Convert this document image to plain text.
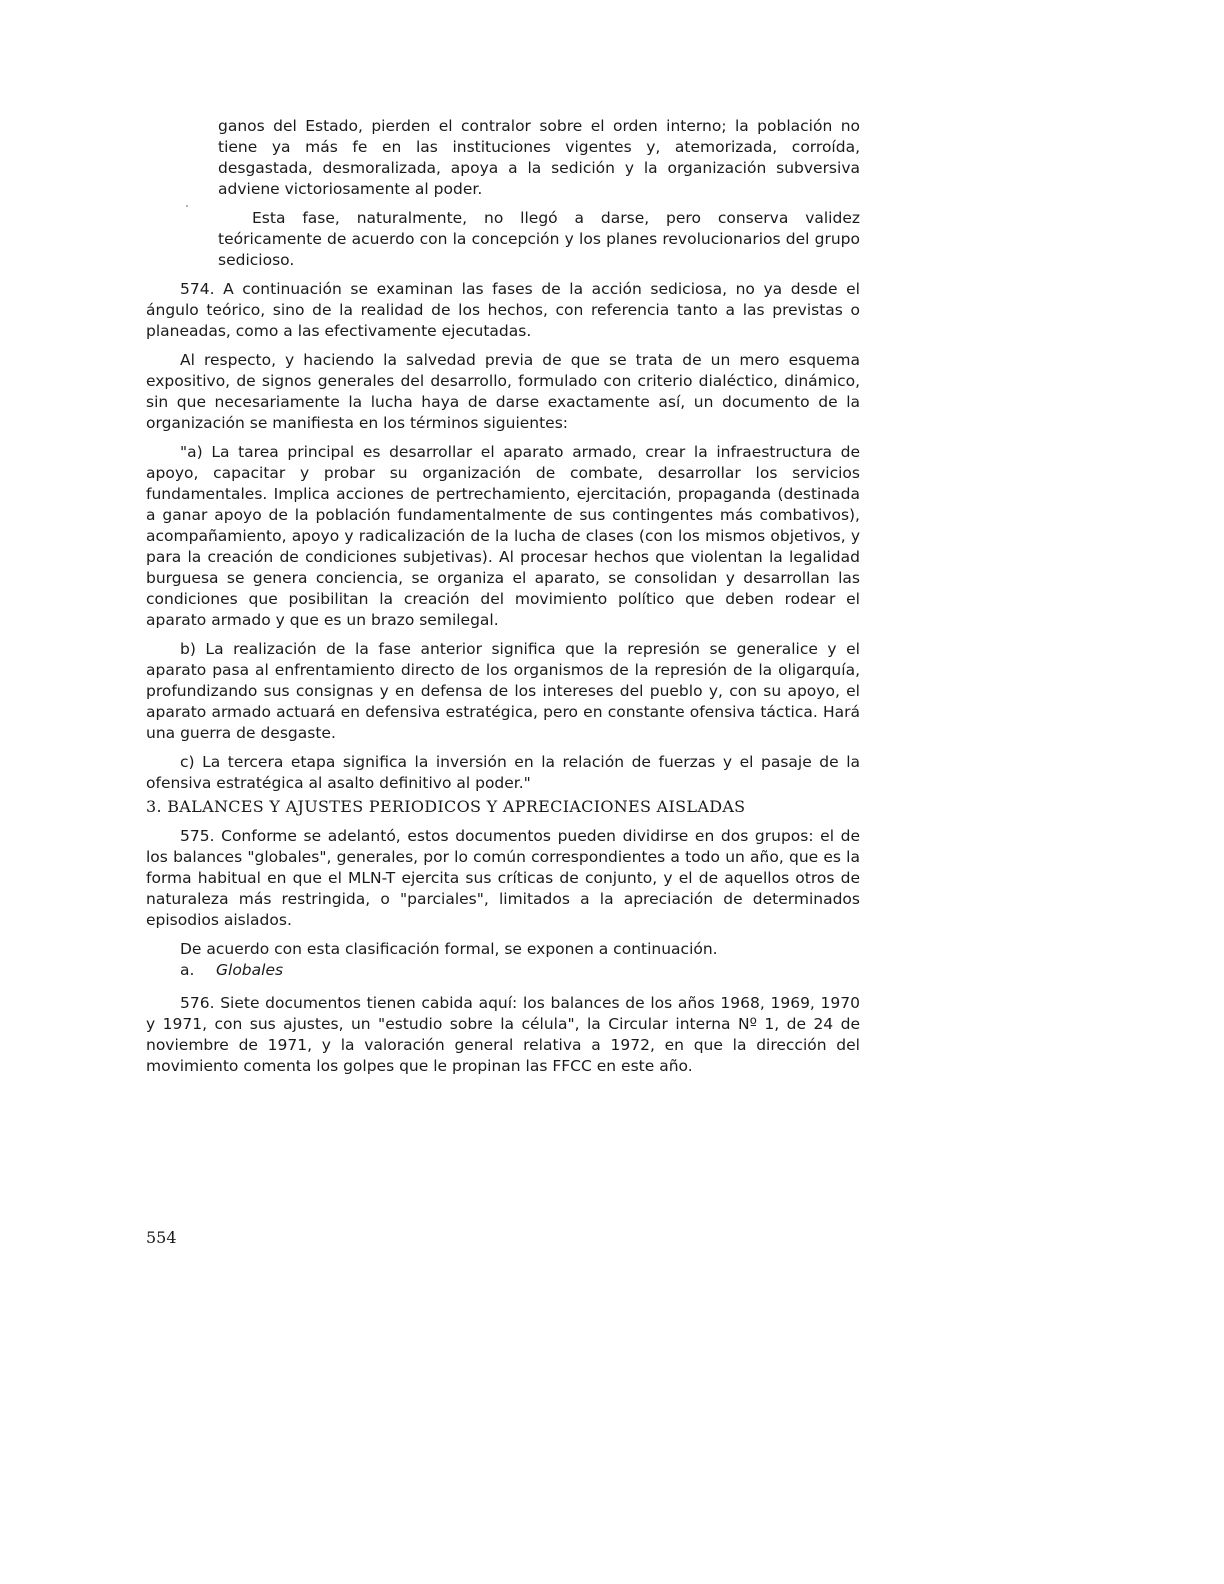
ganos del Estado, pierden el contralor sobre el orden interno; la población no tiene ya más fe en las instituciones vigentes y, atemorizada, corroída, desgastada, desmoralizada, apoya a la sedición y la organización subversiva adviene victoriosamente al poder.

Esta fase, naturalmente, no llegó a darse, pero conserva validez teóricamente de acuerdo con la concepción y los planes revolucionarios del grupo sedicioso.

574. A continuación se examinan las fases de la acción sediciosa, no ya desde el ángulo teórico, sino de la realidad de los hechos, con referencia tanto a las previstas o planeadas, como a las efectivamente ejecutadas.

Al respecto, y haciendo la salvedad previa de que se trata de un mero esquema expositivo, de signos generales del desarrollo, formulado con criterio dialéctico, dinámico, sin que necesariamente la lucha haya de darse exactamente así, un documento de la organización se manifiesta en los términos siguientes:

"a) La tarea principal es desarrollar el aparato armado, crear la infraestructura de apoyo, capacitar y probar su organización de combate, desarrollar los servicios fundamentales. Implica acciones de pertrechamiento, ejercitación, propaganda (destinada a ganar apoyo de la población fundamentalmente de sus contingentes más combativos), acompañamiento, apoyo y radicalización de la lucha de clases (con los mismos objetivos, y para la creación de condiciones subjetivas). Al procesar hechos que violentan la legalidad burguesa se genera conciencia, se organiza el aparato, se consolidan y desarrollan las condiciones que posibilitan la creación del movimiento político que deben rodear el aparato armado y que es un brazo semilegal.

b) La realización de la fase anterior significa que la represión se generalice y el aparato pasa al enfrentamiento directo de los organismos de la represión de la oligarquía, profundizando sus consignas y en defensa de los intereses del pueblo y, con su apoyo, el aparato armado actuará en defensiva estratégica, pero en constante ofensiva táctica. Hará una guerra de desgaste.

c) La tercera etapa significa la inversión en la relación de fuerzas y el pasaje de la ofensiva estratégica al asalto definitivo al poder."

3. BALANCES Y AJUSTES PERIODICOS Y APRECIACIONES AISLADAS

575. Conforme se adelantó, estos documentos pueden dividirse en dos grupos: el de los balances "globales", generales, por lo común correspondientes a todo un año, que es la forma habitual en que el MLN-T ejercita sus críticas de conjunto, y el de aquellos otros de naturaleza más restringida, o "parciales", limitados a la apreciación de determinados episodios aislados.

De acuerdo con esta clasificación formal, se exponen a continuación.

a. Globales

576. Siete documentos tienen cabida aquí: los balances de los años 1968, 1969, 1970 y 1971, con sus ajustes, un "estudio sobre la célula", la Circular interna Nº 1, de 24 de noviembre de 1971, y la valoración general relativa a 1972, en que la dirección del movimiento comenta los golpes que le propinan las FFCC en este año.

554
